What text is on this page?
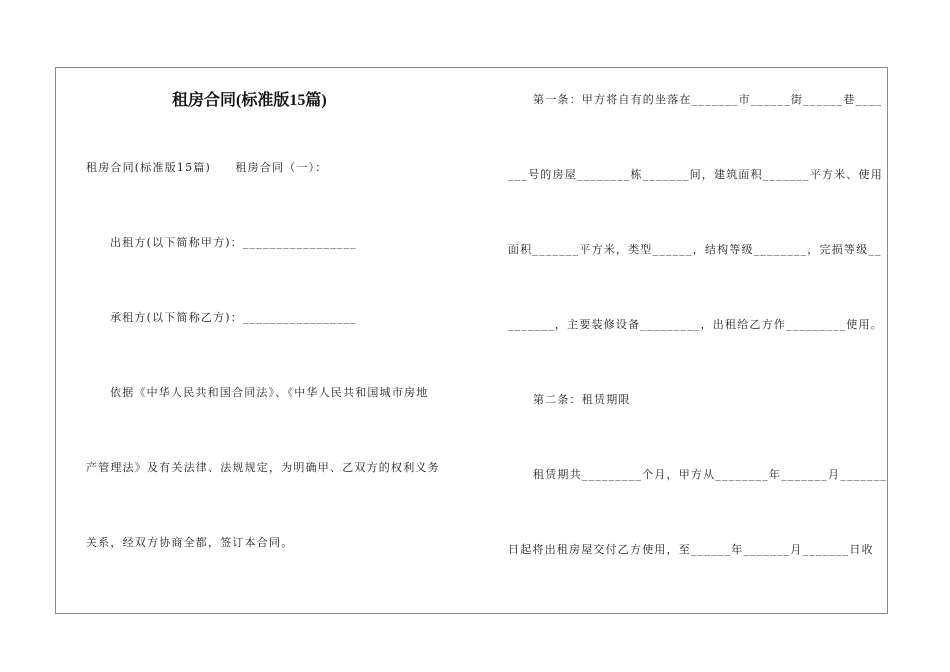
租房合同(标准版15篇)
租房合同(标准版15篇)　　租房合同（一）：
出租方(以下简称甲方)：_________________
承租方(以下简称乙方)：_________________
依据《中华人民共和国合同法》、《中华人民共和国城市房地
产管理法》及有关法律、法规规定，为明确甲、乙双方的权利义务
关系，经双方协商全都，签订本合同。
第一条：甲方将自有的坐落在_______市______街______巷____
___号的房屋________栋_______间，建筑面积_______平方米、使用
面积_______平方米，类型______，结构等级________，完损等级__
_______，主要装修设备_________，出租给乙方作_________使用。
第二条：租赁期限
租赁期共_________个月，甲方从________年_______月_______
日起将出租房屋交付乙方使用，至______年_______月_______日收
